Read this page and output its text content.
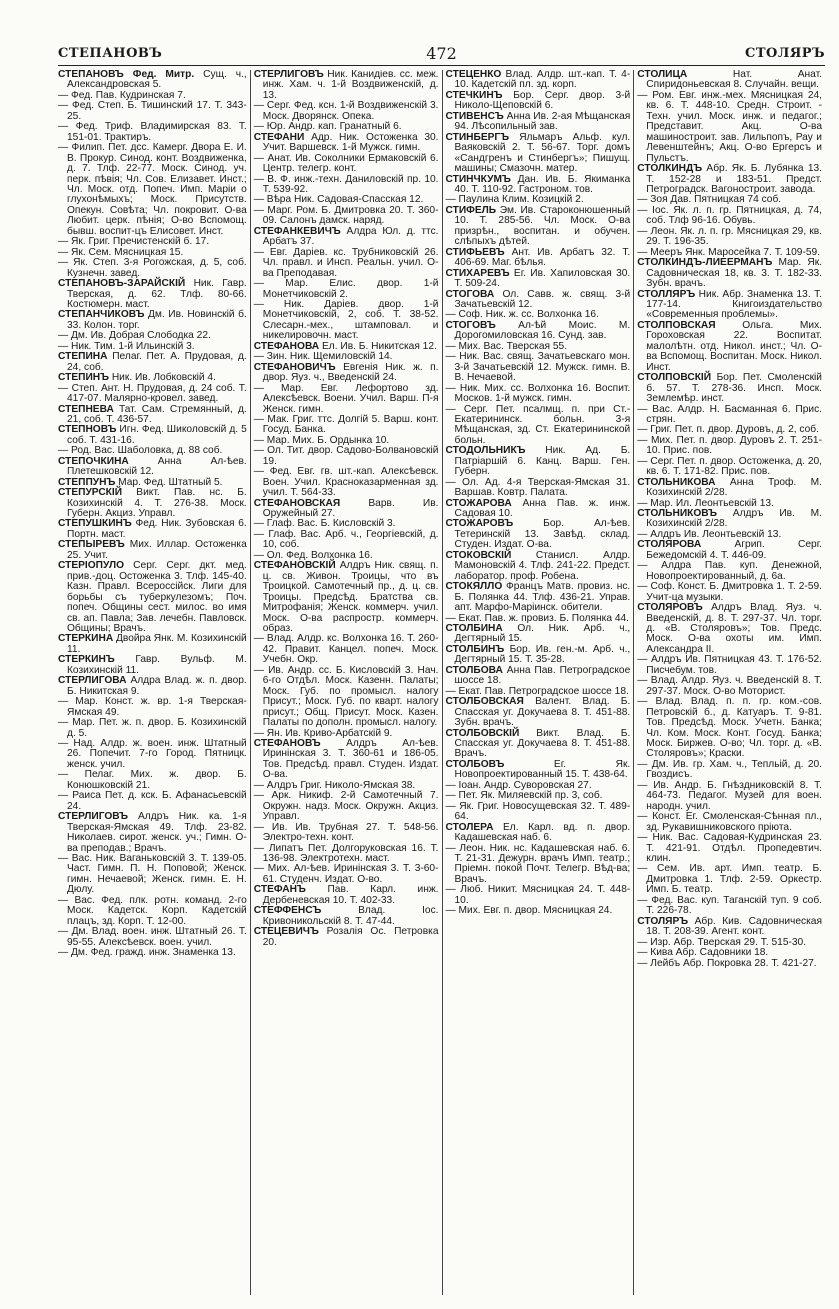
СТЕПАНОВЪ	472	СТОЛЯРЪ

СТЕПАНОВЪ Фед. Митр. Сущ. ч., Александровская 5.

— Фед. Пав. Кудринская 7.

— Фед. Степ. Б. Тишинский 17. Т. 343-25.

— Фед. Триф. Владимирская 83. Т. 151-01. Трактиръ.

— Филип. Пет. дсс. Камерг. Двора Е. И. В. Прокур. Синод. конт. Воздвиженка, д. 7. Тлф. 22-77. Моск. Синод. уч. перк. пѣвія; Чл. Сов. Елизавет. Инст.; Чл. Моск. отд. Попеч. Имп. Маріи о глухонѣмыхъ; Моск. Присутств. Опекун. Совѣта; Чл. покровит. О-ва Любит. церк. пѣнія; О-во Вспомощ. бывш. воспит-цъ Елисовет. Инст.

— Як. Григ. Пречистенскій б. 17.

— Як. Сем. Мясницкая 15.

— Як. Степ. 3-я Рогожская, д. 5, соб. Кузнечн. завед.

СТЕПАНОВЪ-ЗАРАЙСКІЙ Ник. Гавр. Тверская, д. 62. Тлф. 80-66. Костюмерн. маст.

СТЕПАНЧИКОВЪ Дм. Ив. Новинскій б. 33. Колон. торг.

— Дм. Ив. Добрая Слободка 22.

— Ник. Тим. 1-й Ильинскій 3.

СТЕПИНА Пелаг. Пет. А. Прудовая, д. 24, соб.

СТЕПИНЪ Ник. Ив. Лобковскій 4.

— Степ. Ант. Н. Прудовая, д. 24 соб. Т. 417-07. Малярно-кровел. завед.

СТЕПНЕВА Тат. Сам. Стремянный, д. 21, соб. Т. 436-57.

СТЕПНОВЪ Игн. Фед. Шиколовскій д. 5 соб. Т. 431-16.

— Род. Вас. Шаболовка, д. 88 соб.

СТЕПОЧКИНА Анна Ал-ѣев. Плетешковскій 12.

СТЕППУНЪ Мар. Фед. Штатный 5.

СТЕПУРСКІЙ Викт. Пав. нс. Б. Козихинскій 4. Т. 276-38. Моск. Губерн. Акциз. Управл.

СТЕПУШКИНЪ Фед. Ник. Зубовская 6. Портн. маст.

СТЕПЫРЕВЪ Мих. Иллар. Остоженка 25. Учит.

СТЕРІОПУЛО Серг. Серг. дкт. мед. прив.-доц. Остоженка 3. Тлф. 145-40. Казн. Правл. Всероссійск. Лиги для борьбы съ туберкулезомъ; Поч. попеч. Общины сест. милос. во имя св. ап. Павла; Зав. лечебн. Павловск. Общины; Врачъ.

СТЕРКИНА Двойра Янк. М. Козихинскій 11.

СТЕРКИНЪ Гавр. Вульф. М. Козихинскій 11.

СТЕРЛИГОВА Алдра Влад. ж. п. двор. Б. Никитская 9.

— Мар. Конст. ж. вр. 1-я Тверская-Ямская 49.

— Мар. Пет. ж. п. двор. Б. Козихинскій д. 5.

— Над. Алдр. ж. воен. инж. Штатный 26. Попечит. 7-го Город. Пятницк. женск. учил.

— Пелаг. Мих. ж. двор. Б. Конюшковскій 21.

— Раиса Пет. д. кск. Б. Афанасьевскій 24.

СТЕРЛИГОВЪ Алдръ Ник. ка. 1-я Тверская-Ямская 49. Тлф. 23-82. Николаев. сирот. женск. уч.; Гимн. О-ва преподав.; Врачъ.

— Вас. Ник. Ваганьковскій 3. Т. 139-05. Част. Гимн. П. Н. Поповой; Женск. гимн. Нечаевой; Женск. гимн. Е. Н. Дюлу.

— Вас. Фед. плк. ротн. команд. 2-го Моск. Кадетск. Корп. Кадетскій плацъ, зд. Корп. Т. 12-00.

— Дм. Влад. воен. инж. Штатный 26. Т. 95-55. Алексѣевск. воен. учил.

— Дм. Фед. гражд. инж. Знаменка 13.

СТЕРЛИГОВЪ Ник. Канидіев. сс. меж. инж. Хам. ч. 1-й Воздвиженскій, д. 13.

— Серг. Фед. ксн. 1-й Воздвиженскій 3. Моск. Дворянск. Опека.

— Юр. Андр. кап. Гранатный 6.

СТЕФАНИ Адр. Ник. Остоженка 30. Учит. Варшевск. 1-й Мужск. гимн.

— Анат. Ив. Соколники Ермаковскій 6. Центр. телегр. конт.

— В. Ф. инж.-техн. Даниловскій пр. 10. Т. 539-92.

— Вѣра Ник. Садовая-Спасская 12.

— Марг. Ром. Б. Дмитровка 20. Т. 360-09. Салонъ дамск. наряд.

СТЕФАНКЕВИЧЪ Алдра Юл. д. ттс. Арбатъ 37.

— Евг. Дарiев. кс. Трубниковскій 26. Чл. правл. и Инсп. Реальн. учил. О-ва Преподавая.

— Мар. Елис. двор. 1-й Монетчиковскій 2.

— Ник. Дарiев. двор. 1-й Монетчиковскій, 2, соб. Т. 38-52. Слесарн.-мех., штамповал. и никелировочн. маст.

СТЕФАНОВА Ел. Ив. Б. Никитская 12.

— Зин. Ник. Щемиловскій 14.

СТЕФАНОВИЧЪ Евгенія Ник. ж. п. двор. Яуз. ч., Введенскій 24.

— Мар. Евг. Лефортово зд. Алексѣевск. Воени. Учил. Варш. П-я Женск. гимн.

— Мак. Григ. ттс. Долгій 5. Варш. конт. Госуд. Банка.

— Мар. Мих. Б. Ордынка 10.

— Ол. Тит. двор. Садово-Болвановскій 19.

— Фед. Евг. гв. шт.-кап. Алексѣевск. Воен. Учил. Красноказарменная зд. учил. Т. 564-33.

СТЕФАНОВСКАЯ Варв. Ив. Оружейный 27.

— Глаф. Вас. Б. Кисловскій 3.

— Глаф. Вас. Арб. ч., Георгіевскій, д. 10, соб.

— Ол. Фед. Волхонка 16.

СТЕФАНОВСКІЙ Алдръ Ник. свящ. п. ц. св. Живон. Троицы, что въ Троицкой. Самотечный пр., д. ц. св. Троицы. Предсѣд. Братства св. Митрофанія; Женск. коммерч. учил. Моск. О-ва распростр. коммерч. образ.

— Влад. Алдр. кс. Волхонка 16. Т. 260-42. Правит. Канцел. попеч. Моск. Учебн. Окр.

— Ив. Андр. сс. Б. Кисловскій 3. Нач. 6-го Отдѣл. Моск. Казенн. Палаты; Моск. Губ. по промысл. налогу Присут.; Моск. Губ. по кварт. налогу присут.; Общ. Присут. Моск. Казен. Палаты по дополн. промысл. налогу.

— Ян. Ив. Криво-Арбатскій 9.

СТЕФАНОВЪ Алдръ Ал-ѣев. Иринінская 3. Т. 360-61 и 186-05. Тов. Предсѣд. правл. Студен. Издат. О-ва.

— Алдръ Григ. Николо-Ямская 38.

— Арк. Никиф. 2-й Самотечный 7. Окружн. надз. Моск. Окружн. Акциз. Управл.

— Ив. Ив. Трубная 27. Т. 548-56. Электро-техн. конт.

— Липатъ Пет. Долгоруковская 16. Т. 136-98. Электротехн. маст.

— Мих. Ал-ѣев. Иринінская 3. Т. 3-60-61. Студенч. Издат. О-во.

СТЕФАНЪ Пав. Карл. инж. Дербеневская 10. Т. 402-33.

СТЕФФЕНСЪ Влад. Іос. Кривоникольскій 8. Т. 47-44.

СТЕЦЕВИЧЪ Розалія Ос. Петровка 20.

СТЕЦЕНКО Влад. Алдр. шт.-кап. Т. 4-10. Кадетскій пл. зд. корп.

СТЕЧКИНЪ Бор. Серг. двор. 3-й Николо-Щеповскій 6.

СТИВЕНСЪ Анна Ив. 2-ая Мѣщанская 94. Лѣсопильный зав.

СТИНБЕРГЪ Яльмаръ Альф. кул. Ваяковскій 2. Т. 56-67. Торг. домъ «Сандгренъ и Стинбергъ»; Пишущ. машины; Смазочн. матер.

СТИНЧКУМЪ Дан. Ив. Б. Якиманка 40. Т. 110-92. Гастроном. тов.

— Паулина Клим. Козицкій 2.

СТИФЕЛЬ Эм. Ив. Староконюшенный 10. Т. 285-56. Чл. Моск. О-ва призрѣн., воспитан. и обучен. слѣпыхъ дѣтей.

СТИФЬЕВЪ Ант. Ив. Арбатъ 32. Т. 406-69. Маг. бѣлья.

СТИХАРЕВЪ Ег. Ив. Хапиловская 30. Т. 509-24.

СТОГОВА Ол. Савв. ж. свящ. 3-й Зачатьевскій 12.

— Соф. Ник. ж. сс. Волхонка 16.

СТОГОВЪ Ал-ѣй Моис. М. Дорогомиловская 16. Сунд. зав.

— Мих. Вас. Тверская 55.

— Ник. Вас. свящ. Зачатьевскаго мон. 3-й Зачатьевскій 12. Мужск. гимн. В. В. Нечаевой.

— Ник. Мих. сс. Волхонка 16. Воспит. Москов. 1-й мужск. гимн.

— Серг. Пет. псалмщ. п. при Ст.-Екатерининск. больн. 3-я Мѣщанская, зд. Ст. Екатерининской больн.

СТОДОЛЬНИКЪ Ник. Ад. Б. Патріаршій 6. Канц. Варш. Ген. Губерн.

— Ол. Ад. 4-я Тверская-Ямская 31. Варшав. Ковтр. Палата.

СТОЖАРОВА Анна Пав. ж. инж. Садовая 10.

СТОЖАРОВЪ Бор. Ал-ѣев. Тетеринскій 13. Завѣд. склад. Студен. Издат. О-ва.

СТОКОВСКІЙ Станисл. Алдр. Мамоновскій 4. Тлф. 241-22. Предст. лаборатор. проф. Робена.

СТОКЯЛЛО Францъ Матв. провиз. нс. Б. Полянка 44. Тлф. 436-21. Управ. апт. Марфо-Маріинск. обители.

— Екат. Пав. ж. провиз. Б. Полянка 44.

СТОЛБИНА Ол. Ник. Арб. ч., Дегтярный 15.

СТОЛБИНЪ Бор. Ив. ген.-м. Арб. ч., Дегтярный 15. Т. 35-28.

СТОЛБОВА Анна Пав. Петроградское шоссе 18.

— Екат. Пав. Петроградское шоссе 18.

СТОЛБОВСКАЯ Валент. Влад. Б. Спасская уг. Докучаева 8. Т. 451-88. Зубн. врачъ.

СТОЛБОВСКІЙ Викт. Влад. Б. Спасская уг. Докучаева 8. Т. 451-88. Врачъ.

СТОЛБОВЪ Ег. Як. Новопроектированный 15. Т. 438-64.

— Іоан. Андр. Суворовская 27.

— Пет. Як. Миляевскій пр. 3, соб.

— Як. Григ. Новосущевская 32. Т. 489-64.

СТОЛЕРА Ел. Карл. вд. п. двор. Кадашевская наб. 6.

— Леон. Ник. нс. Кадашевская наб. 6. Т. 21-31. Дежурн. врачъ Имп. театр.; Пріемн. покой Почт. Телегр. Вѣд-ва; Врачъ.

— Люб. Никит. Мясницкая 24. Т. 448-10.

— Мих. Евг. п. двор. Мясницкая 24.

СТОЛИЦА Нат. Анат. Спиридоньевская 8. Случайн. вещи.

— Ром. Евг. инж.-мех. Мясницкая 24, кв. 6. Т. 448-10. Средн. Строит. - Техн. учил. Моск. инж. и педагог.; Представит. Акц. О-ва машиностроит. зав. Лильпопъ, Рау и Левенштейнъ; Акц. О-во Ергерсъ и Пульстъ.

СТОЛКИНДЪ Абр. Як. Б. Лубянка 13. Т. 152-28 и 183-51. Предст. Петроградск. Вагоностроит. завода.

— Зоя Дав. Пятницкая 74 соб.

— Іос. Як. л. п. гр. Пятницкая, д. 74, соб. Тлф 96-16. Обувь.

— Леон. Як. л. п. гр. Мясницкая 29, кв. 29. Т. 196-35.

— Мееръ Янк. Маросейка 7. Т. 109-59.

СТОЛКИНДЪ-ЛИЕЕРМАНЪ Мар. Як. Садовническая 18, кв. 3. Т. 182-33. Зубн. врачъ.

СТОЛЛЯРЪ Ник. Абр. Знаменка 13. Т. 177-14. Книгоиздательство «Современныя проблемы».

СТОЛПОВСКАЯ Ольга. Мих. Гороховская 22. Воспитат. малолѣтн. отд. Никол. инст.; Чл. О-ва Вспомощ. Воспитан. Моск. Никол. Инст.

СТОЛПОВСКІЙ Бор. Пет. Смоленскій б. 57. Т. 278-36. Инсп. Моск. Землемѣр. инст.

— Вас. Алдр. Н. Басманная 6. Прис. стрян.

— Григ. Пет. п. двор. Дуровъ, д. 2, соб.

— Мих. Пет. п. двор. Дуровъ 2. Т. 251-10. Прис. пов.

— Серг. Пет. п. двор. Остоженка, д. 20, кв. 6. Т. 171-82. Прис. пов.

СТОЛЬНИКОВА Анна Троф. М. Козихинскій 2/28.

— Мар. Ил. Леонтьевскій 13.

СТОЛЬНИКОВЪ Алдръ Ив. М. Козихинскій 2/28.

— Алдръ Ив. Леонтьевскій 13.

СТОЛЯРОВА Агрип. Серг. Бежедомскій 4. Т. 446-09.

— Алдра Пав. куп. Денежной, Новопроектированный, д. 6а.

— Соф. Конст. Б. Дмитровка 1. Т. 2-59. Учит-ца музыки.

СТОЛЯРОВЪ Алдръ Влад. Яуз. ч. Введенскій, д. 8. Т. 297-37. Чл. торг. д. «В. Столяровъ»; Тов. Предс. Моск. О-ва охоты им. Имп. Александра II.

— Алдръ Ив. Пятницкая 43. Т. 176-52. Писчебум. тов.

— Влад. Алдр. Яуз. ч. Введенскій 8. Т. 297-37. Моск. О-во Моторист.

— Влад. Влад. п. п. гр. ком.-сов. Петровскій б., д. Катуаръ. Т. 9-81. Тов. Предсѣд. Моск. Учетн. Банка; Чл. Ком. Моск. Конт. Госуд. Банка; Моск. Биржев. О-во; Чл. торг. д. «В. Столяровъ»; Краски.

— Дм. Ив. гр. Хам. ч., Тепльій, д. 20. Гвоздисъ.

— Ив. Андр. Б. Гнѣздниковскій 8. Т. 464-73. Педагог. Музей для воен. народн. учил.

— Конст. Ег. Смоленская-Сѣнная пл., зд. Рукавишниковского пріюта.

— Ник. Вас. Садовая-Кудринская 23. Т. 421-91. Отдѣл. Пропедевтич. клин.

— Сем. Ив. арт. Имп. театр. Б. Дмитровка 1. Тлф. 2-59. Оркестр. Имп. Б. театр.

— Фед. Вас. куп. Таганскій туп. 9 соб. Т. 226-78.

СТОЛЯРЪ Абр. Кив. Садовническая 18. Т. 208-39. Агент. конт.

— Изр. Абр. Тверская 29. Т. 515-30.

— Кива Абр. Садовники 18.

— Лейбъ Абр. Покровка 28. Т. 421-27.
